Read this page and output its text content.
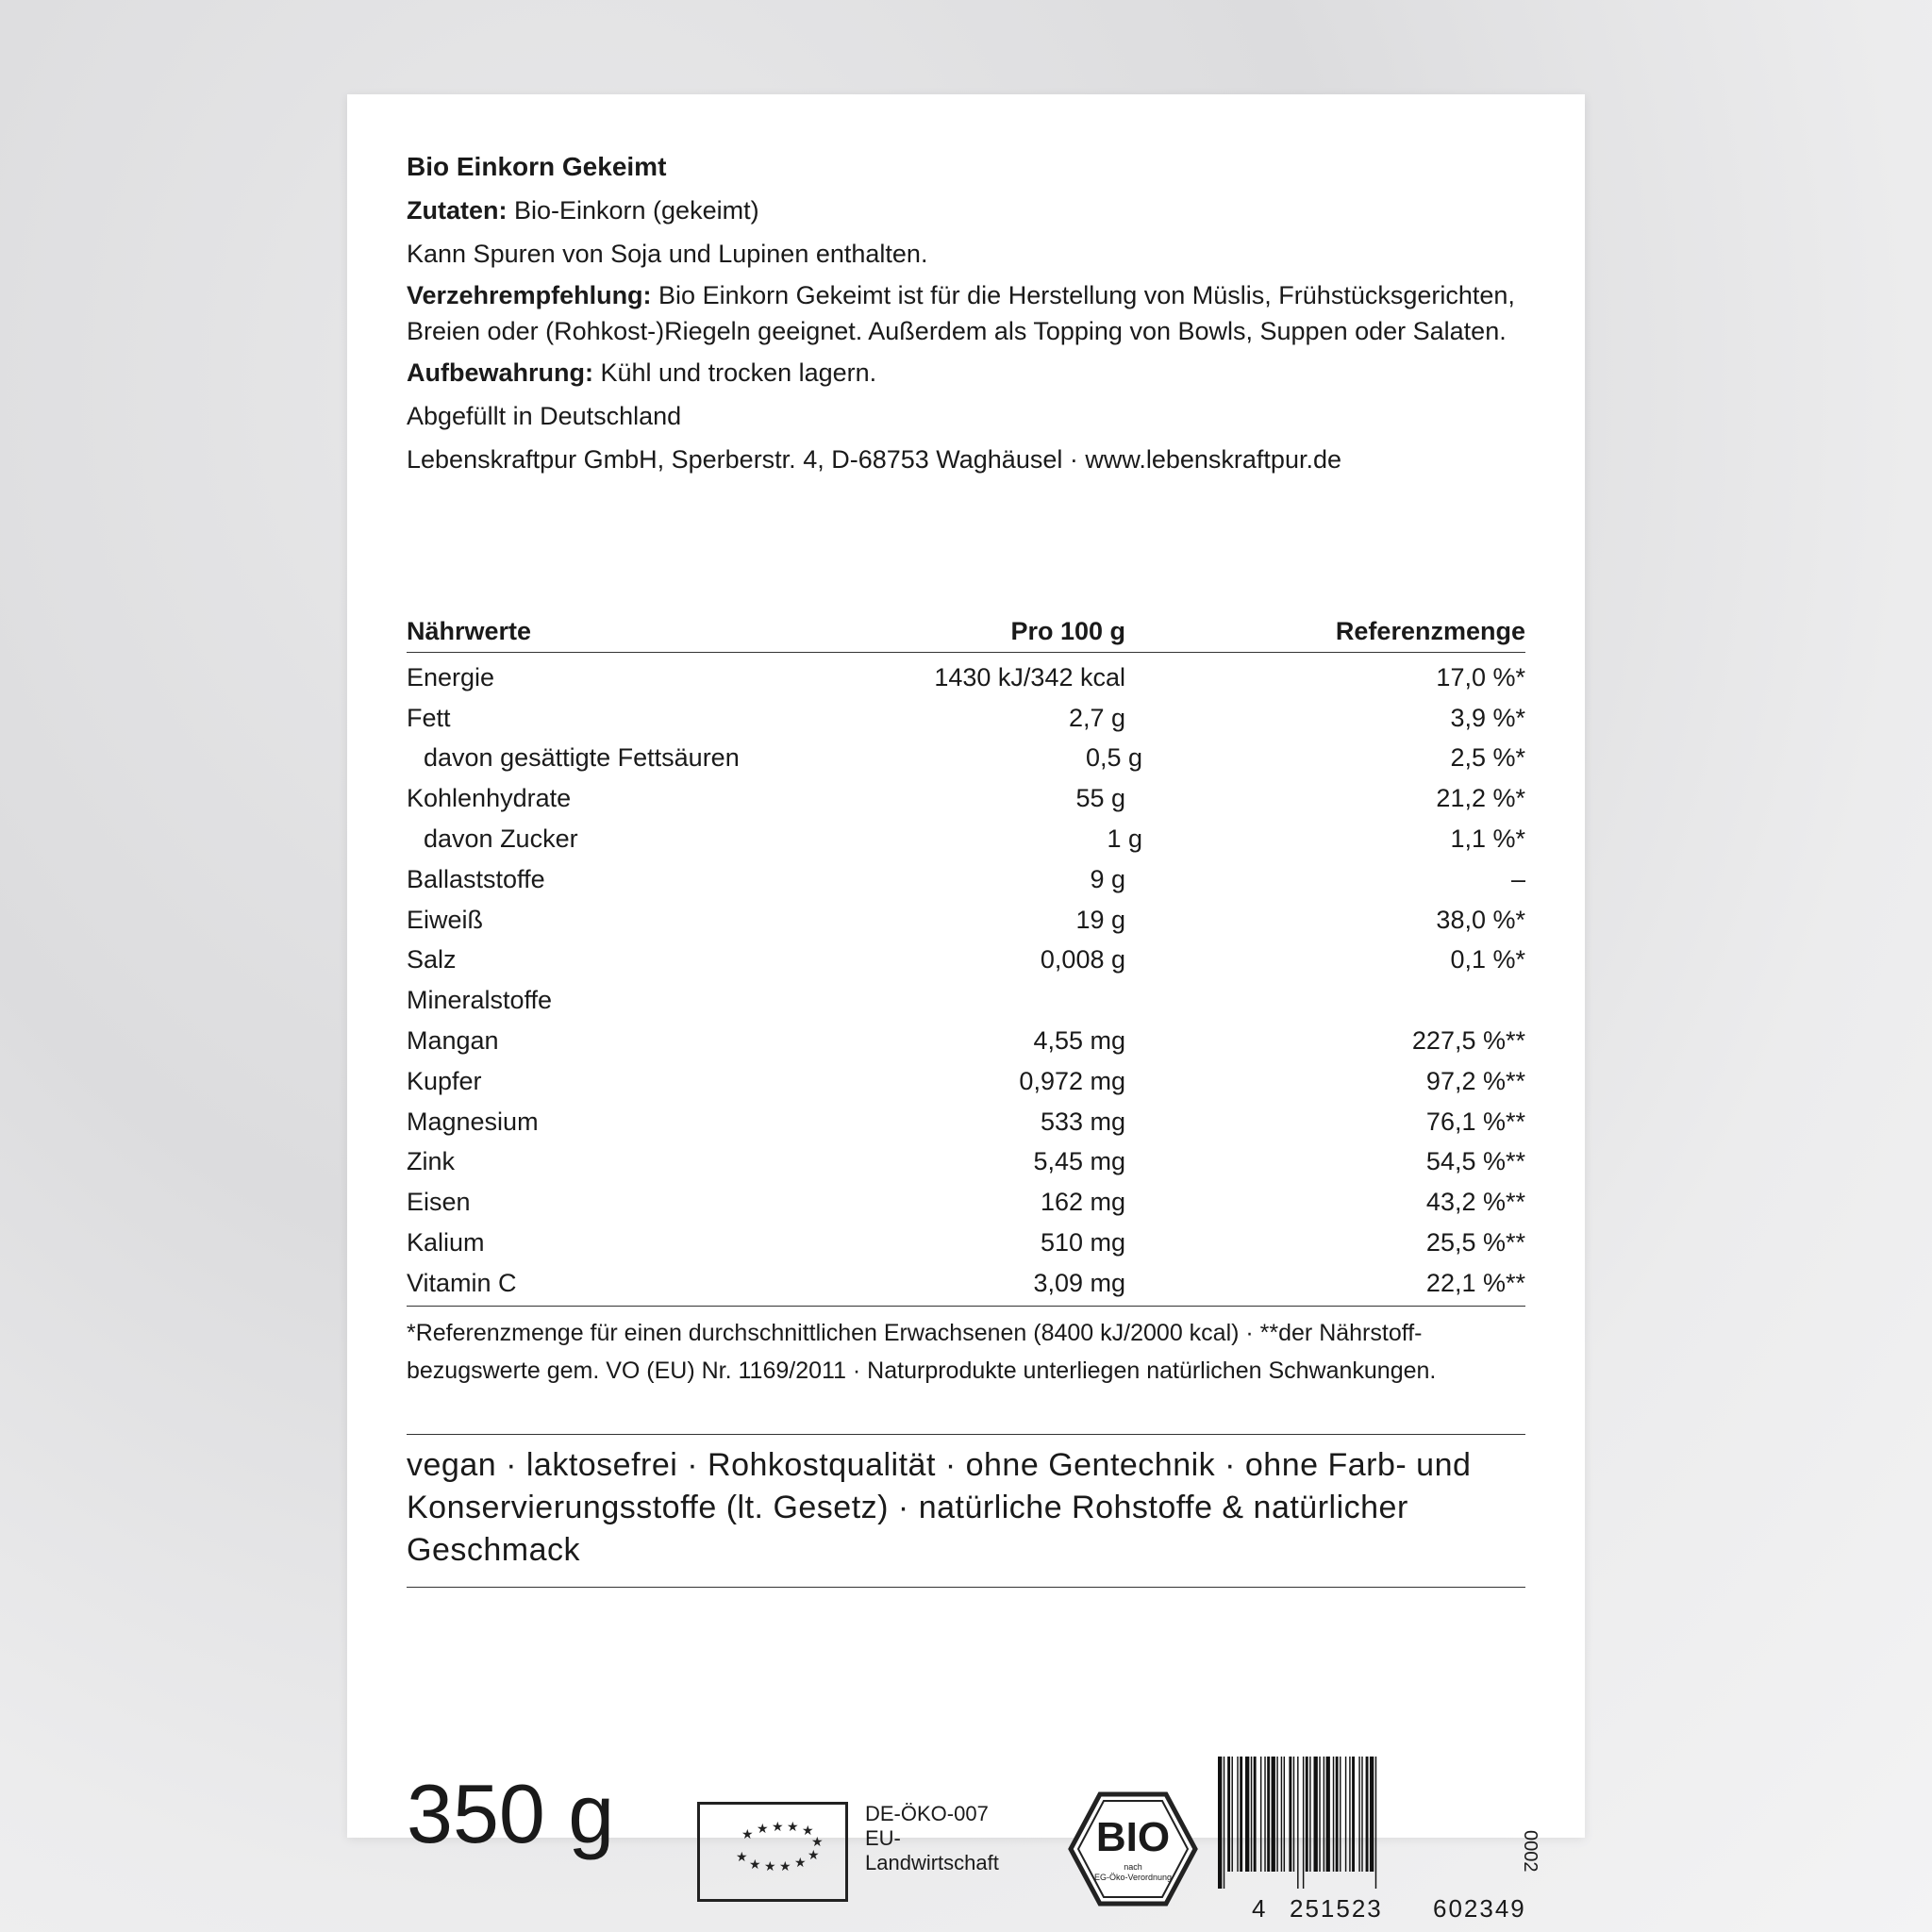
Bio Einkorn Gekeimt

Zutaten: Bio-Einkorn (gekeimt)

Kann Spuren von Soja und Lupinen enthalten.

Verzehrempfehlung: Bio Einkorn Gekeimt ist für die Herstellung von Müslis, Frühstücksgerichten, Breien oder (Rohkost-)Riegeln geeignet. Außerdem als Topping von Bowls, Suppen oder Salaten.

Aufbewahrung: Kühl und trocken lagern.

Abgefüllt in Deutschland

Lebenskraftpur GmbH, Sperberstr. 4, D-68753 Waghäusel · www.lebenskraftpur.de

Nährwerte	Pro 100 g	Referenzmenge
Energie	1430 kJ/342 kcal	17,0 %*
Fett	2,7 g	3,9 %*
davon gesättigte Fettsäuren	0,5 g	2,5 %*
Kohlenhydrate	55 g	21,2 %*
davon Zucker	1 g	1,1 %*
Ballaststoffe	9 g	–
Eiweiß	19 g	38,0 %*
Salz	0,008 g	0,1 %*
Mineralstoffe
Mangan	4,55 mg	227,5 %**
Kupfer	0,972 mg	97,2 %**
Magnesium	533 mg	76,1 %**
Zink	5,45 mg	54,5 %**
Eisen	162 mg	43,2 %**
Kalium	510 mg	25,5 %**
Vitamin C	3,09 mg	22,1 %**
*Referenzmenge für einen durchschnittlichen Erwachsenen (8400 kJ/2000 kcal) · **der Nährstoff-bezugswerte gem. VO (EU) Nr. 1169/2011 · Naturprodukte unterliegen natürlichen Schwankungen.
vegan · laktosefrei · Rohkostqualität · ohne Gentechnik · ohne Farb- und Konservierungsstoffe (lt. Gesetz) · natürliche Rohstoffe & natürlicher Geschmack
350 g	★ ★ ★ ★ ★
★
★
★
★
★
★
★
DE-ÖKO-007
EU-
Landwirtschaft
BIO
nach
EG-Öko-Verordnung
4 251523 602349
0002
